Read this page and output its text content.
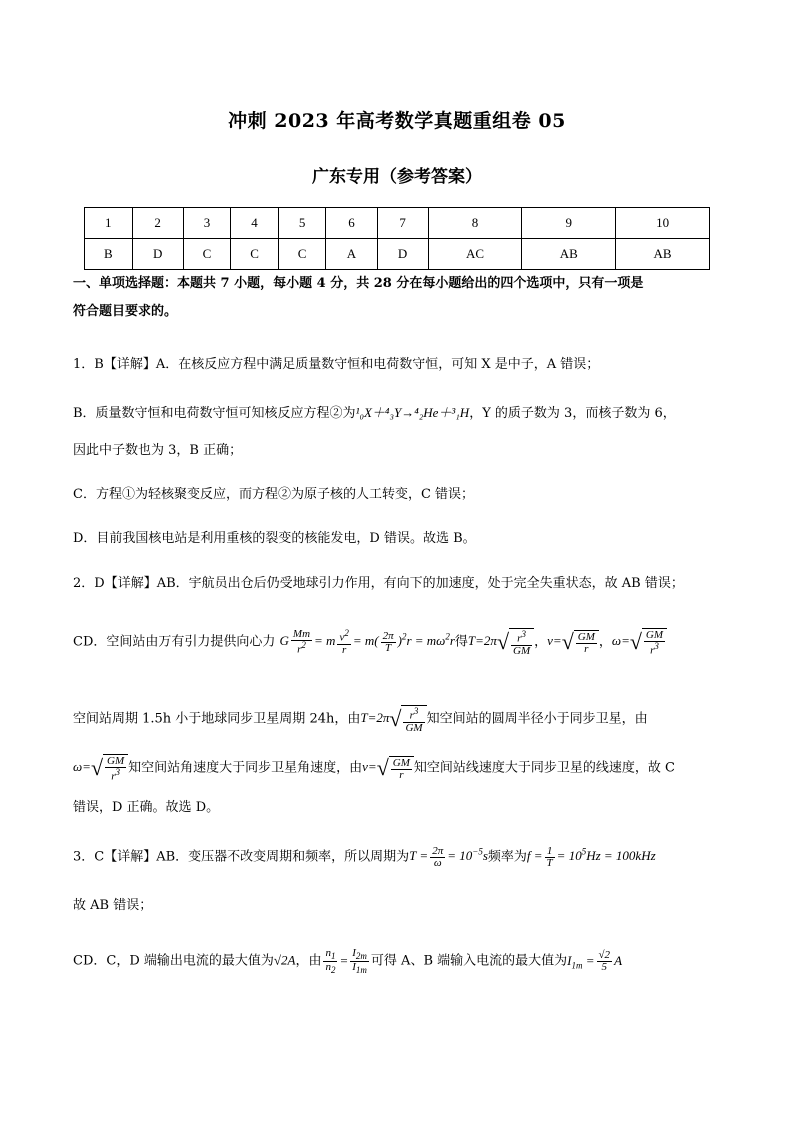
冲刺 2023 年高考数学真题重组卷 05
广东专用（参考答案）
1	2	3	4	5	6	7	8	9	10
B	D	C	C	C	A	D	AC	AB	AB
一、单项选择题：本题共 7 小题，每小题 4 分，共 28 分在每小题给出的四个选项中，只有一项是
符合题目要求的。
1．B【详解】A．在核反应方程中满足质量数守恒和电荷数守恒，可知 X 是中子，A 错误；
B．质量数守恒和电荷数守恒可知核反应方程②为¹₀X＋⁴₃Y→⁴₂He＋³₁H，Y 的质子数为 3，而核子数为 6，
因此中子数也为 3，B 正确；
C．方程①为轻核聚变反应，而方程②为原子核的人工转变，C 错误；
D．目前我国核电站是利用重核的裂变的核能发电，D 错误。故选 B。
2．D【详解】AB．宇航员出仓后仍受地球引力作用，有向下的加速度，处于完全失重状态，故 AB 错误；
CD．空间站由万有引力提供向心力 G $\frac{Mm}{r^2} = m \frac{v^2}{r} = m( \frac{2\pi}{T} )^2r = m\omega^2r$得$T=2\pi√ \frac{r^3}{GM}$ ，$v=√ \frac{GM}{r}$ ，$\omega=√ \frac{GM}{r^3}$
空间站周期 1.5h 小于地球同步卫星周期 24h，由$T=2\pi√ \frac{r^3}{GM}$ 知空间站的圆周半径小于同步卫星，由
$\omega=√ \frac{GM}{r^3}$ 知空间站角速度大于同步卫星角速度，由$v=√ \frac{GM}{r}$ 知空间站线速度大于同步卫星的线速度，故 C
错误，D 正确。故选 D。
3．C【详解】AB．变压器不改变周期和频率，所以周期为$T = \frac{2\pi}{\omega} = 10^{-5}s$频率为$f = \frac{1}{T} = 10^5Hz = 100kHz$
故 AB 错误；
CD．C，D 端输出电流的最大值为√2A，由 $\frac{n_1}{n_2} = \frac{I_{2m}}{I_{1m}}$ 可得 A、B 端输入电流的最大值为$I_{1m} = \frac{√2}{5}$ A
